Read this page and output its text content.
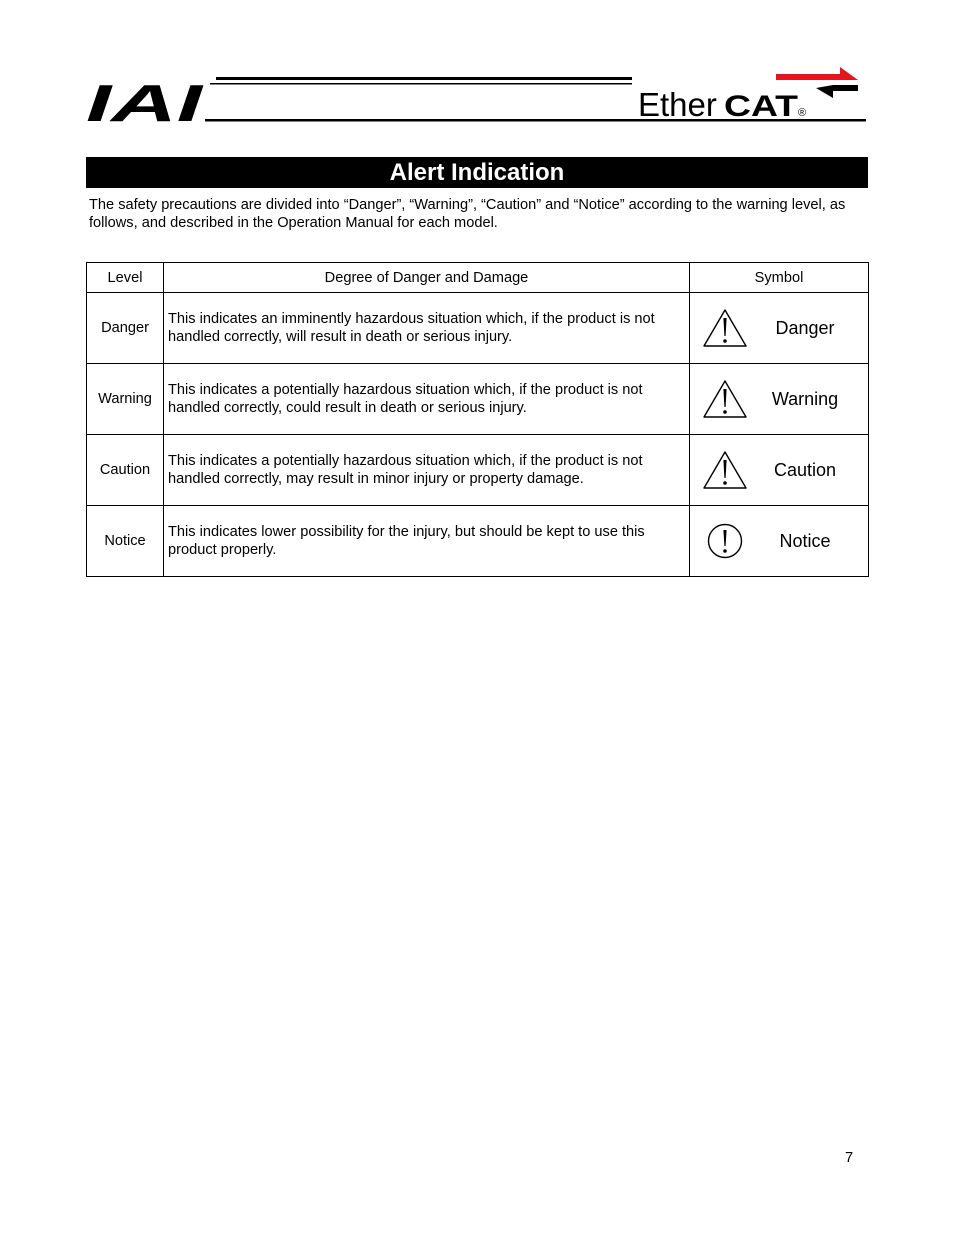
IAI	Ether CAT ®
Alert Indication
The safety precautions are divided into “Danger”, “Warning”, “Caution” and “Notice” according to the warning level, as follows, and described in the Operation Manual for each model.
Level	Degree of Danger and Damage	Symbol
Danger	This indicates an imminently hazardous situation which, if the product is not handled correctly, will result in death or serious injury.	Danger

Warning	This indicates a potentially hazardous situation which, if the product is not handled correctly, could result in death or serious injury.	Warning

Caution	This indicates a potentially hazardous situation which, if the product is not handled correctly, may result in minor injury or property damage.	Caution

Notice	This indicates lower possibility for the injury, but should be kept to use this product properly.	Notice
7
